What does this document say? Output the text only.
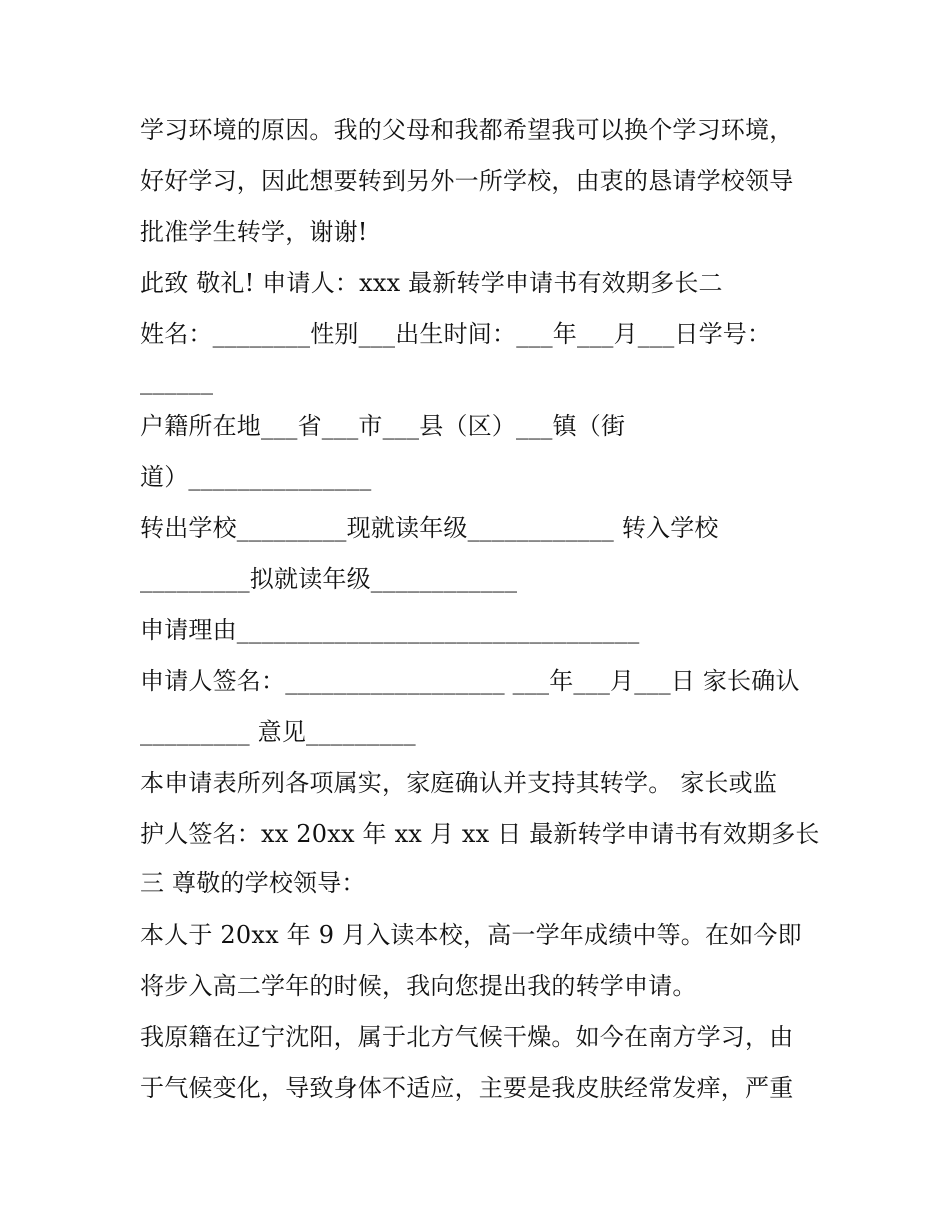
学习环境的原因。我的父母和我都希望我可以换个学习环境，
好好学习，因此想要转到另外一所学校，由衷的恳请学校领导
批准学生转学，谢谢!
此致 敬礼! 申请人：xxx 最新转学申请书有效期多长二
姓名：________性别___出生时间：___年___月___日学号：
______
户籍所在地___省___市___县（区）___镇（街
道）_______________
转出学校_________现就读年级____________ 转入学校
_________拟就读年级____________
申请理由_________________________________
申请人签名：__________________ ___年___月___日 家长确认
_________ 意见_________
本申请表所列各项属实，家庭确认并支持其转学。 家长或监
护人签名：xx 20xx 年 xx 月 xx 日 最新转学申请书有效期多长
三 尊敬的学校领导：
本人于 20xx 年 9 月入读本校，高一学年成绩中等。在如今即
将步入高二学年的时候，我向您提出我的转学申请。
我原籍在辽宁沈阳，属于北方气候干燥。如今在南方学习，由
于气候变化，导致身体不适应，主要是我皮肤经常发痒，严重
